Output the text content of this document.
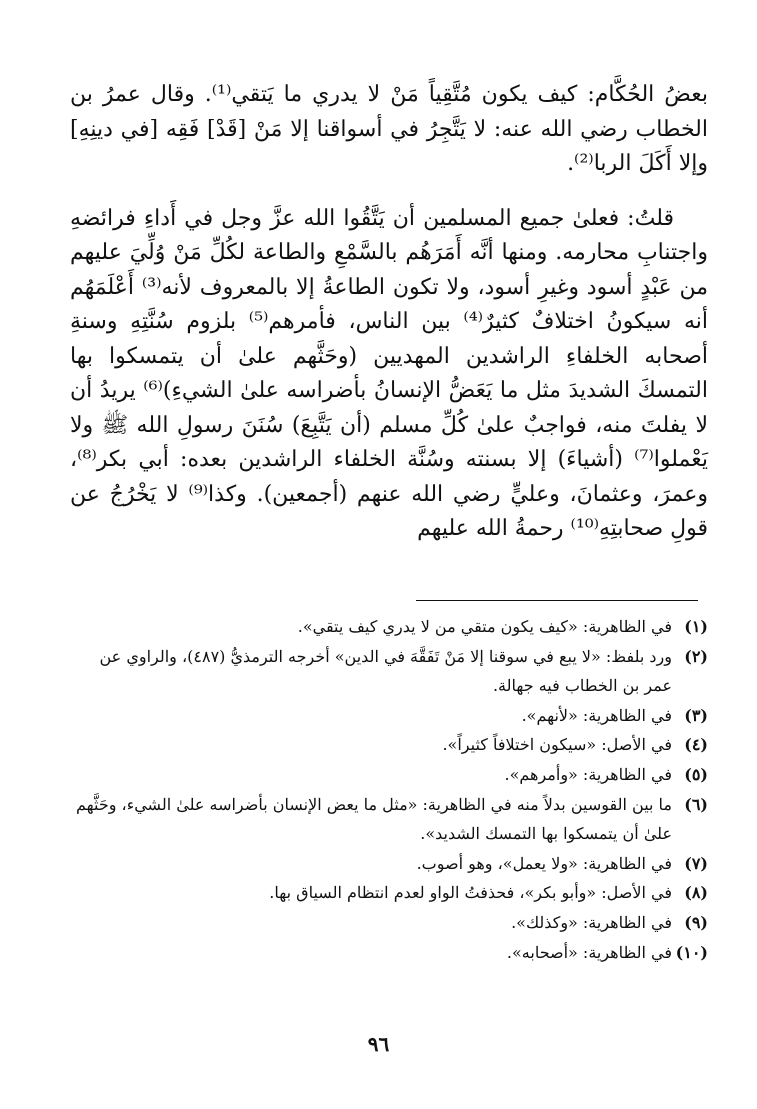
بعضُ الحُكَّام: كيف يكون مُتَّقِياً مَنْ لا يدري ما يَتقي⁽¹⁾. وقال عمرُ بن الخطاب رضي الله عنه: لا يَتَّجِرُ في أسواقنا إلا مَنْ [قَدْ] فَقِه [في دينِهِ] وإلا أَكَلَ الربا⁽²⁾.

قلتُ: فعلىٰ جميع المسلمين أن يَتَّقُوا الله عزَّ وجل في أَداءِ فرائضهِ واجتنابِ محارمه. ومنها أنَّه أَمَرَهُم بالسَّمْعِ والطاعة لكُلِّ مَنْ وُلِّيَ عليهم من عَبْدٍ أسود وغيرِ أسود، ولا تكون الطاعةُ إلا بالمعروف لأنه⁽³⁾ أَعْلَمَهُم أنه سيكونُ اختلافٌ كثيرٌ⁽⁴⁾ بين الناس، فأمرهم⁽⁵⁾ بلزوم سُنَّتِهِ وسنةِ أصحابه الخلفاءِ الراشدين المهديين (وحَثَّهم علىٰ أن يتمسكوا بها التمسكَ الشديدَ مثل ما يَعَضُّ الإنسانُ بأضراسه علىٰ الشيءِ)⁽⁶⁾ يريدُ أن لا يفلتَ منه، فواجبٌ علىٰ كُلِّ مسلم (أن يَتَّبِعَ) سُنَنَ رسولِ الله ﷺ ولا يَعْملوا⁽⁷⁾ (أشياءَ) إلا بسنته وسُنَّة الخلفاء الراشدين بعده: أبي بكر⁽⁸⁾، وعمرَ، وعثمانَ، وعليٍّ رضي الله عنهم (أجمعين). وكذا⁽⁹⁾ لا يَخْرُجُ عن قولِ صحابتِهِ⁽¹⁰⁾ رحمةُ الله عليهم

(١)
في الظاهرية: «كيف يكون متقي من لا يدري كيف يتقي».
(٢)
ورد بلفظ: «لا يبع في سوقنا إلا مَنْ تَفَقَّهَ في الدين» أخرجه الترمذيُّ (٤٨٧)، والراوي عن عمر بن الخطاب فيه جهالة.
(٣)
في الظاهرية: «لأنهم».
(٤)
في الأصل: «سيكون اختلافاً كثيراً».
(٥)
في الظاهرية: «وأمرهم».
(٦)
ما بين القوسين بدلاً منه في الظاهرية: «مثل ما يعض الإنسان بأضراسه علىٰ الشيء، وحَثَّهم علىٰ أن يتمسكوا بها التمسك الشديد».
(٧)
في الظاهرية: «ولا يعمل»، وهو أصوب.
(٨)
في الأصل: «وأبو بكر»، فحذفتُ الواو لعدم انتظام السياق بها.
(٩)
في الظاهرية: «وكذلك».
(١٠)
في الظاهرية: «أصحابه».
٩٦
